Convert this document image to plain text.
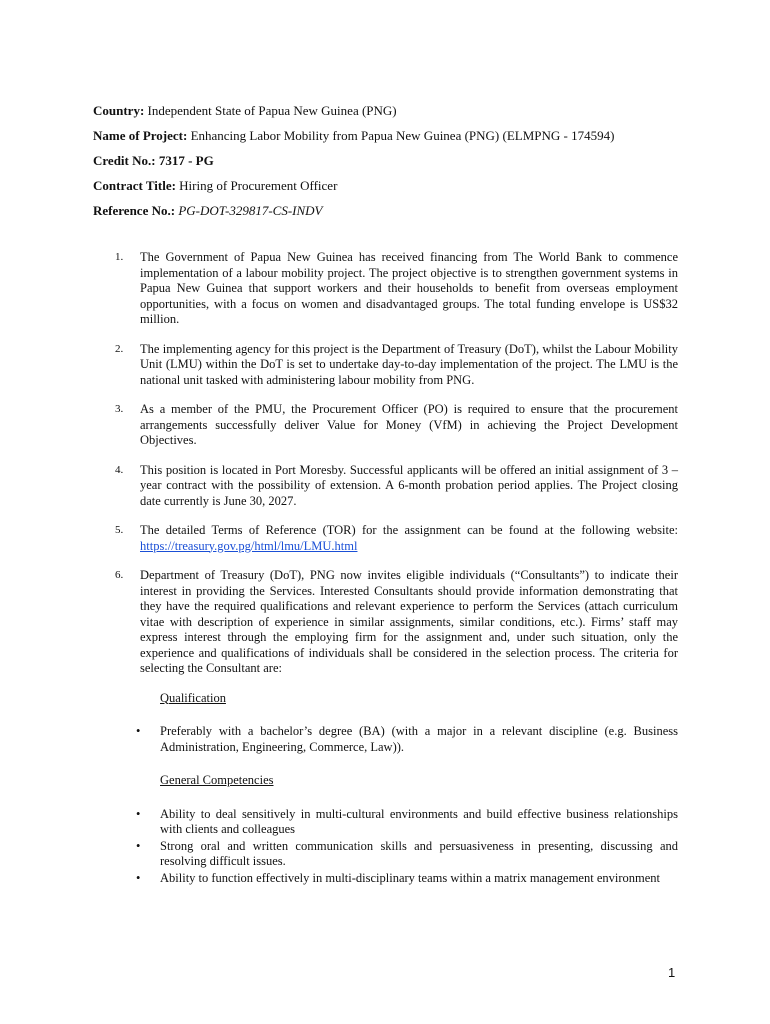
Country: Independent State of Papua New Guinea (PNG)
Name of Project: Enhancing Labor Mobility from Papua New Guinea (PNG) (ELMPNG - 174594)
Credit No.: 7317 - PG
Contract Title: Hiring of Procurement Officer
Reference No.: PG-DOT-329817-CS-INDV
1. The Government of Papua New Guinea has received financing from The World Bank to commence implementation of a labour mobility project. The project objective is to strengthen government systems in Papua New Guinea that support workers and their households to benefit from overseas employment opportunities, with a focus on women and disadvantaged groups. The total funding envelope is US$32 million.
2. The implementing agency for this project is the Department of Treasury (DoT), whilst the Labour Mobility Unit (LMU) within the DoT is set to undertake day-to-day implementation of the project. The LMU is the national unit tasked with administering labour mobility from PNG.
3. As a member of the PMU, the Procurement Officer (PO) is required to ensure that the procurement arrangements successfully deliver Value for Money (VfM) in achieving the Project Development Objectives.
4. This position is located in Port Moresby. Successful applicants will be offered an initial assignment of 3 – year contract with the possibility of extension. A 6-month probation period applies. The Project closing date currently is June 30, 2027.
5. The detailed Terms of Reference (TOR) for the assignment can be found at the following website: https://treasury.gov.pg/html/lmu/LMU.html
6. Department of Treasury (DoT), PNG now invites eligible individuals (“Consultants”) to indicate their interest in providing the Services. Interested Consultants should provide information demonstrating that they have the required qualifications and relevant experience to perform the Services (attach curriculum vitae with description of experience in similar assignments, similar conditions, etc.). Firms’ staff may express interest through the employing firm for the assignment and, under such situation, only the experience and qualifications of individuals shall be considered in the selection process. The criteria for selecting the Consultant are:
Qualification
• Preferably with a bachelor’s degree (BA) (with a major in a relevant discipline (e.g. Business Administration, Engineering, Commerce, Law)).
General Competencies
• Ability to deal sensitively in multi-cultural environments and build effective business relationships with clients and colleagues
• Strong oral and written communication skills and persuasiveness in presenting, discussing and resolving difficult issues.
• Ability to function effectively in multi-disciplinary teams within a matrix management environment
1
